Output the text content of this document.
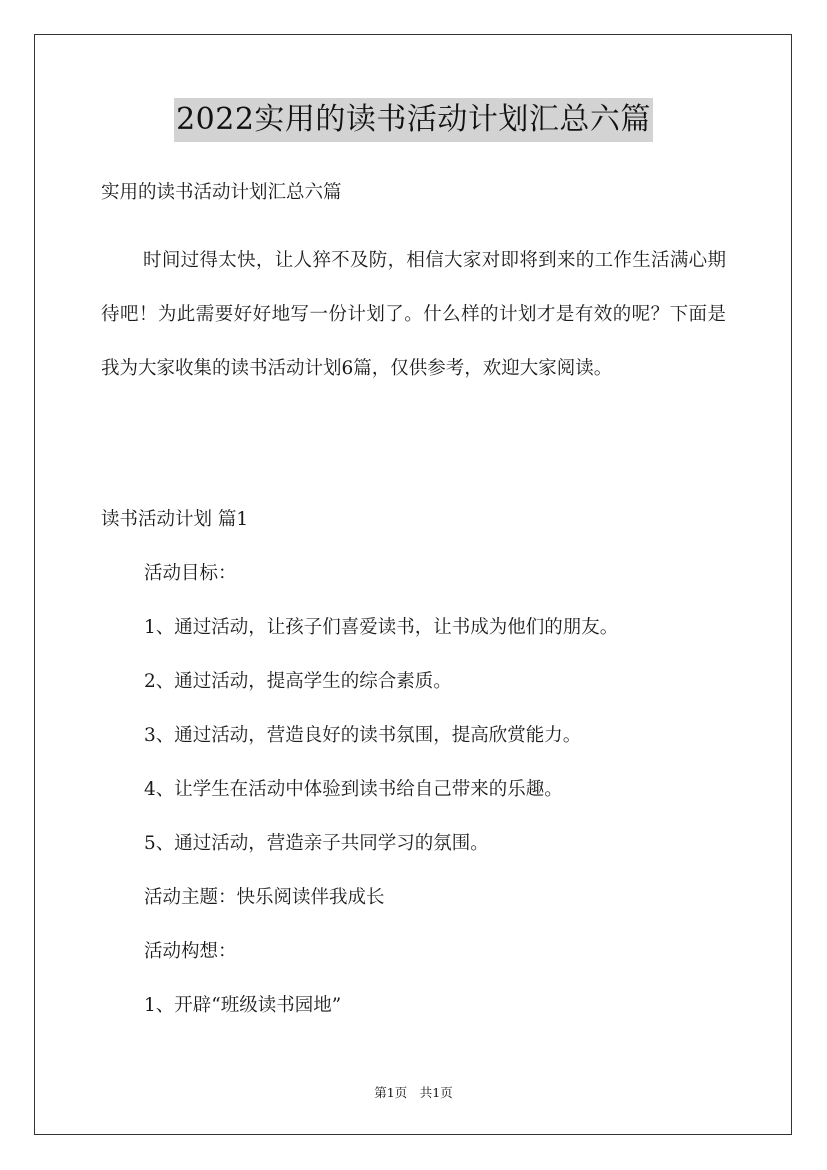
2022实用的读书活动计划汇总六篇
实用的读书活动计划汇总六篇

时间过得太快，让人猝不及防，相信大家对即将到来的工作生活满心期待吧！为此需要好好地写一份计划了。什么样的计划才是有效的呢？下面是我为大家收集的读书活动计划6篇，仅供参考，欢迎大家阅读。

读书活动计划 篇1
活动目标：
1、通过活动，让孩子们喜爱读书，让书成为他们的朋友。
2、通过活动，提高学生的综合素质。
3、通过活动，营造良好的读书氛围，提高欣赏能力。
4、让学生在活动中体验到读书给自己带来的乐趣。
5、通过活动，营造亲子共同学习的氛围。
活动主题：快乐阅读伴我成长
活动构想：
1、开辟“班级读书园地”
第1页　共1页
